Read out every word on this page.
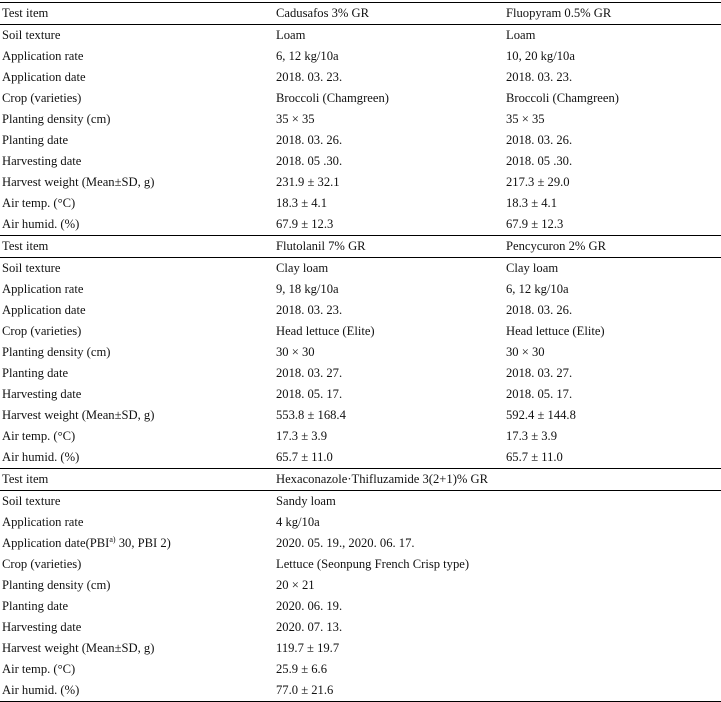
Test item	Cadusafos 3% GR	Fluopyram 0.5% GR
Soil texture	Loam	Loam
Application rate	6, 12 kg/10a	10, 20 kg/10a
Application date	2018. 03. 23.	2018. 03. 23.
Crop (varieties)	Broccoli (Chamgreen)	Broccoli (Chamgreen)
Planting density (cm)	35 × 35	35 × 35
Planting date	2018. 03. 26.	2018. 03. 26.
Harvesting date	2018. 05 .30.	2018. 05 .30.
Harvest weight (Mean±SD, g)	231.9 ± 32.1	217.3 ± 29.0
Air temp. (°C)	18.3 ± 4.1	18.3 ± 4.1
Air humid. (%)	67.9 ± 12.3	67.9 ± 12.3
Test item	Flutolanil 7% GR	Pencycuron 2% GR
Soil texture	Clay loam	Clay loam
Application rate	9, 18 kg/10a	6, 12 kg/10a
Application date	2018. 03. 23.	2018. 03. 26.
Crop (varieties)	Head lettuce (Elite)	Head lettuce (Elite)
Planting density (cm)	30 × 30	30 × 30
Planting date	2018. 03. 27.	2018. 03. 27.
Harvesting date	2018. 05. 17.	2018. 05. 17.
Harvest weight (Mean±SD, g)	553.8 ± 168.4	592.4 ± 144.8
Air temp. (°C)	17.3 ± 3.9	17.3 ± 3.9
Air humid. (%)	65.7 ± 11.0	65.7 ± 11.0
Test item	Hexaconazole·Thifluzamide 3(2+1)% GR
Soil texture	Sandy loam
Application rate	4 kg/10a
Application date(PBI$^{a)}$ 30, PBI 2)	2020. 05. 19., 2020. 06. 17.
Crop (varieties)	Lettuce (Seonpung French Crisp type)
Planting density (cm)	20 × 21
Planting date	2020. 06. 19.
Harvesting date	2020. 07. 13.
Harvest weight (Mean±SD, g)	119.7 ± 19.7
Air temp. (°C)	25.9 ± 6.6
Air humid. (%)	77.0 ± 21.6
